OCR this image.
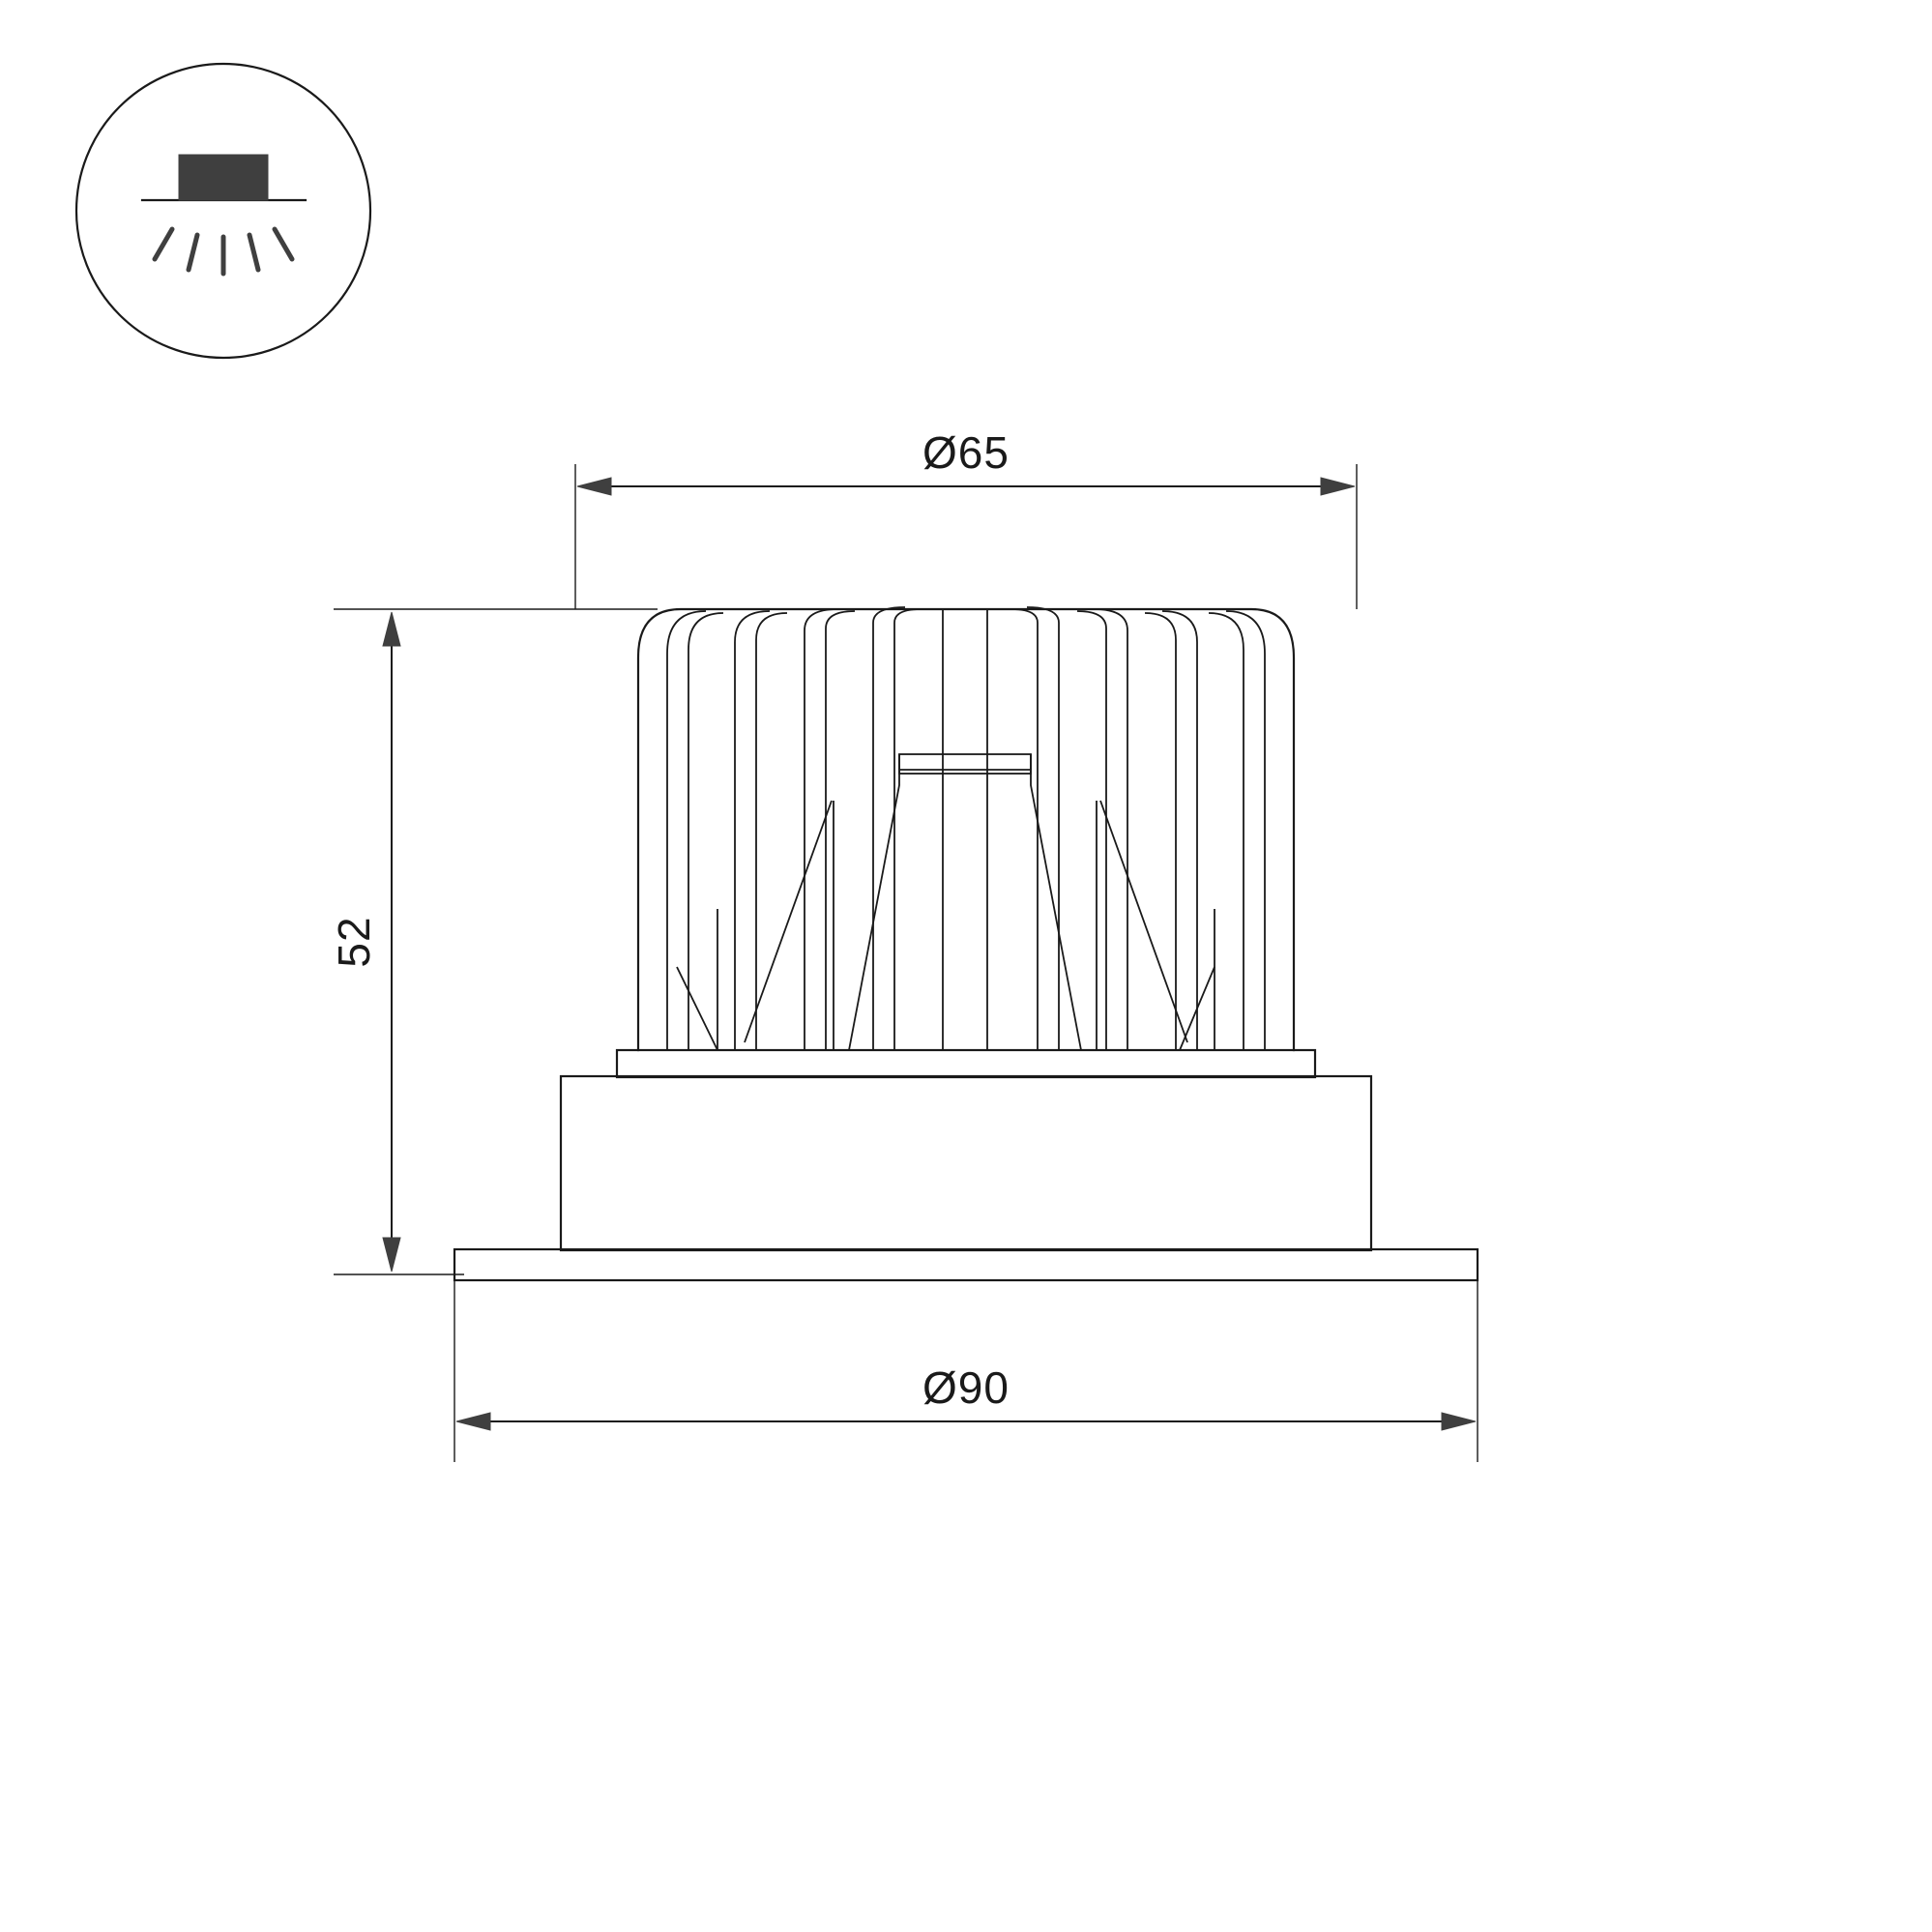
Ø65
52
Ø90
